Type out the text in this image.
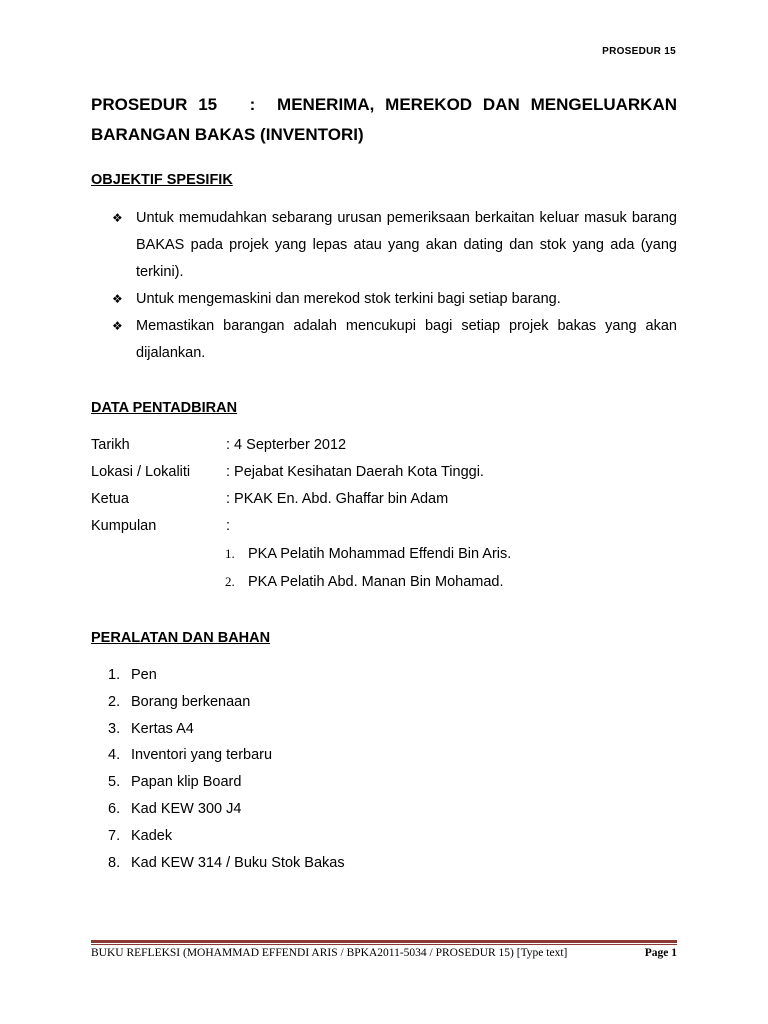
PROSEDUR 15
PROSEDUR 15   :  MENERIMA, MEREKOD DAN MENGELUARKAN
BARANGAN BAKAS (INVENTORI)
OBJEKTIF SPESIFIK
❖ Untuk memudahkan sebarang urusan pemeriksaan berkaitan keluar masuk barang BAKAS pada projek yang lepas atau yang akan dating dan stok yang ada (yang terkini).
❖ Untuk mengemaskini dan merekod stok terkini bagi setiap barang.
❖ Memastikan barangan adalah mencukupi bagi setiap projek bakas yang akan dijalankan.
DATA PENTADBIRAN
Tarikh	: 4 Septerber 2012
Lokasi / Lokaliti	: Pejabat Kesihatan Daerah Kota Tinggi.
Ketua	: PKAK En. Abd. Ghaffar bin Adam
Kumpulan	:
1. PKA Pelatih Mohammad Effendi Bin Aris.
2. PKA Pelatih Abd. Manan Bin Mohamad.
PERALATAN DAN BAHAN
1. Pen
2. Borang berkenaan
3. Kertas A4
4. Inventori yang terbaru
5. Papan klip Board
6. Kad KEW 300 J4
7. Kadek
8. Kad KEW 314 / Buku Stok Bakas
BUKU REFLEKSI (MOHAMMAD EFFENDI ARIS / BPKA2011-5034 / PROSEDUR 15) [Type text]	Page 1
